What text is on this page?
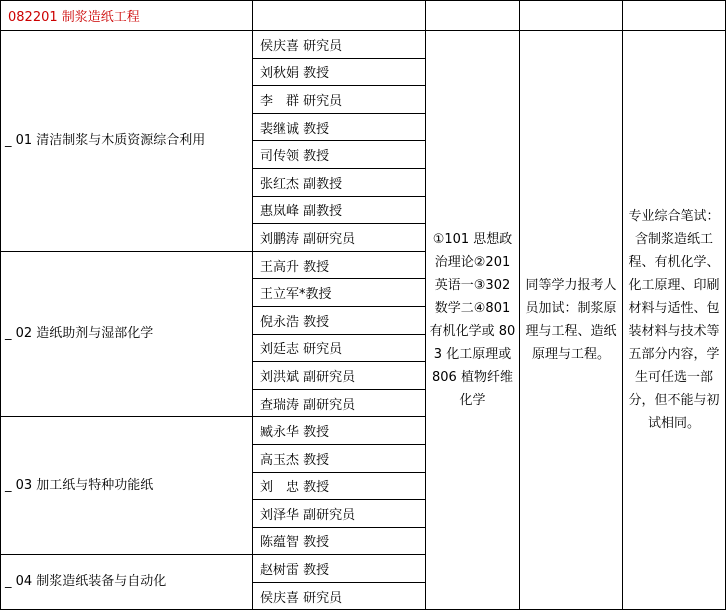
082201 制浆造纸工程				
_ 01 清洁制浆与木质资源综合利用	侯庆喜 研究员	①101 思想政治理论②201 英语一③302 数学二④801 有机化学或 803 化工原理或 806 植物纤维化学	同等学力报考人员加试：制浆原理与工程、造纸原理与工程。	专业综合笔试：含制浆造纸工程、有机化学、化工原理、印刷材料与适性、包装材料与技术等五部分内容，学生可任选一部分，但不能与初试相同。
	刘秋娟 教授			
	李　群 研究员			
	裴继诚 教授			
	司传领 教授			
	张红杰 副教授			
	惠岚峰 副教授			
	刘鹏涛 副研究员			
_ 02 造纸助剂与湿部化学	王高升 教授			
	王立军*教授			
	倪永浩 教授			
	刘廷志 研究员			
	刘洪斌 副研究员			
	查瑞涛 副研究员			
_ 03 加工纸与特种功能纸	臧永华 教授			
	高玉杰 教授			
	刘　忠 教授			
	刘泽华 副研究员			
	陈蕴智 教授			
_ 04 制浆造纸装备与自动化	赵树雷 教授			
	侯庆喜 研究员			
